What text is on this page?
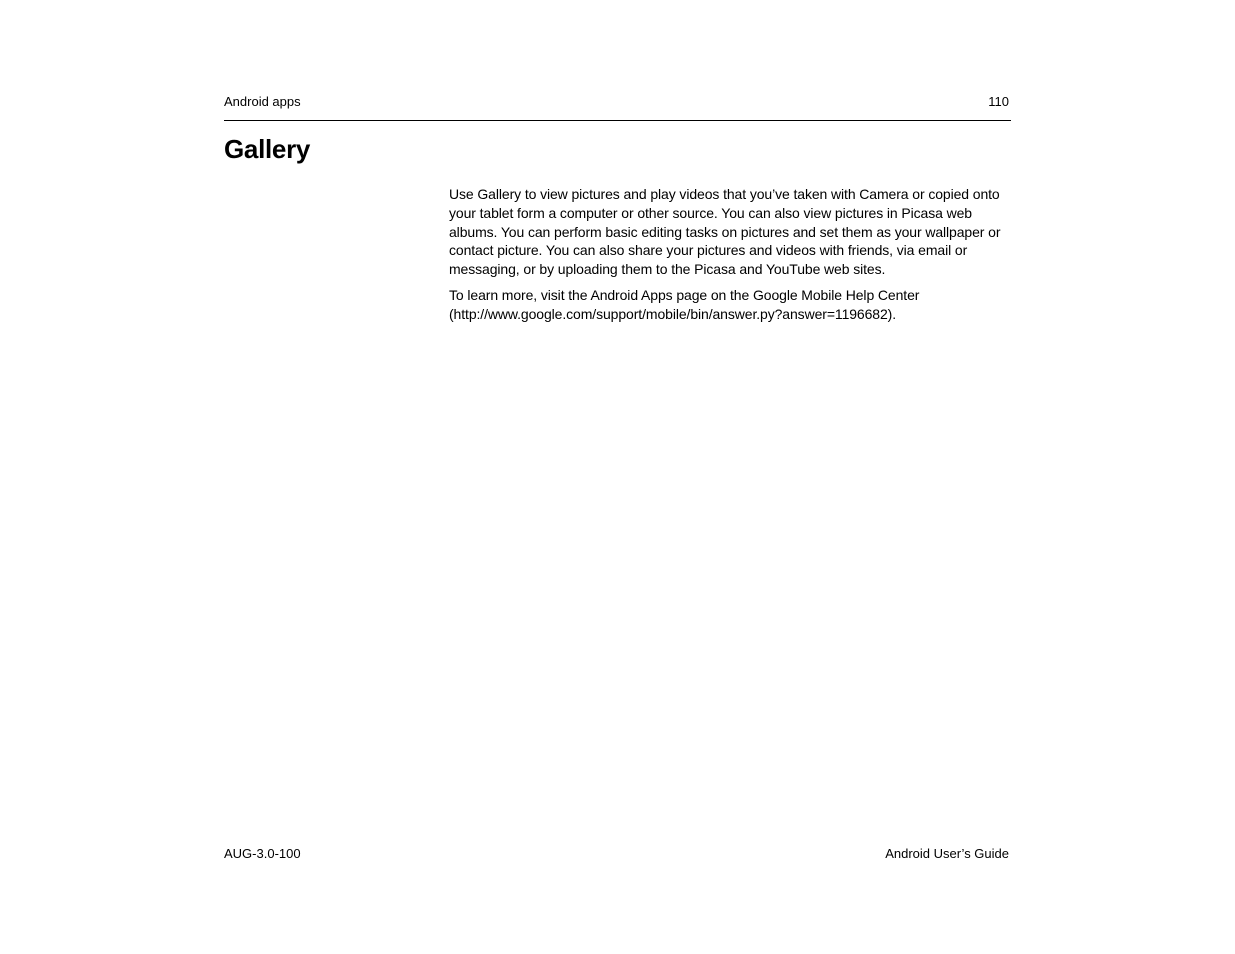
Android apps	110
Gallery

Use Gallery to view pictures and play videos that you’ve taken with Camera or copied onto your tablet form a computer or other source. You can also view pictures in Picasa web albums. You can perform basic editing tasks on pictures and set them as your wallpaper or contact picture. You can also share your pictures and videos with friends, via email or messaging, or by uploading them to the Picasa and YouTube web sites.

To learn more, visit the Android Apps page on the Google Mobile Help Center (http://www.google.com/support/mobile/bin/answer.py?answer=1196682).

AUG-3.0-100	Android User’s Guide
